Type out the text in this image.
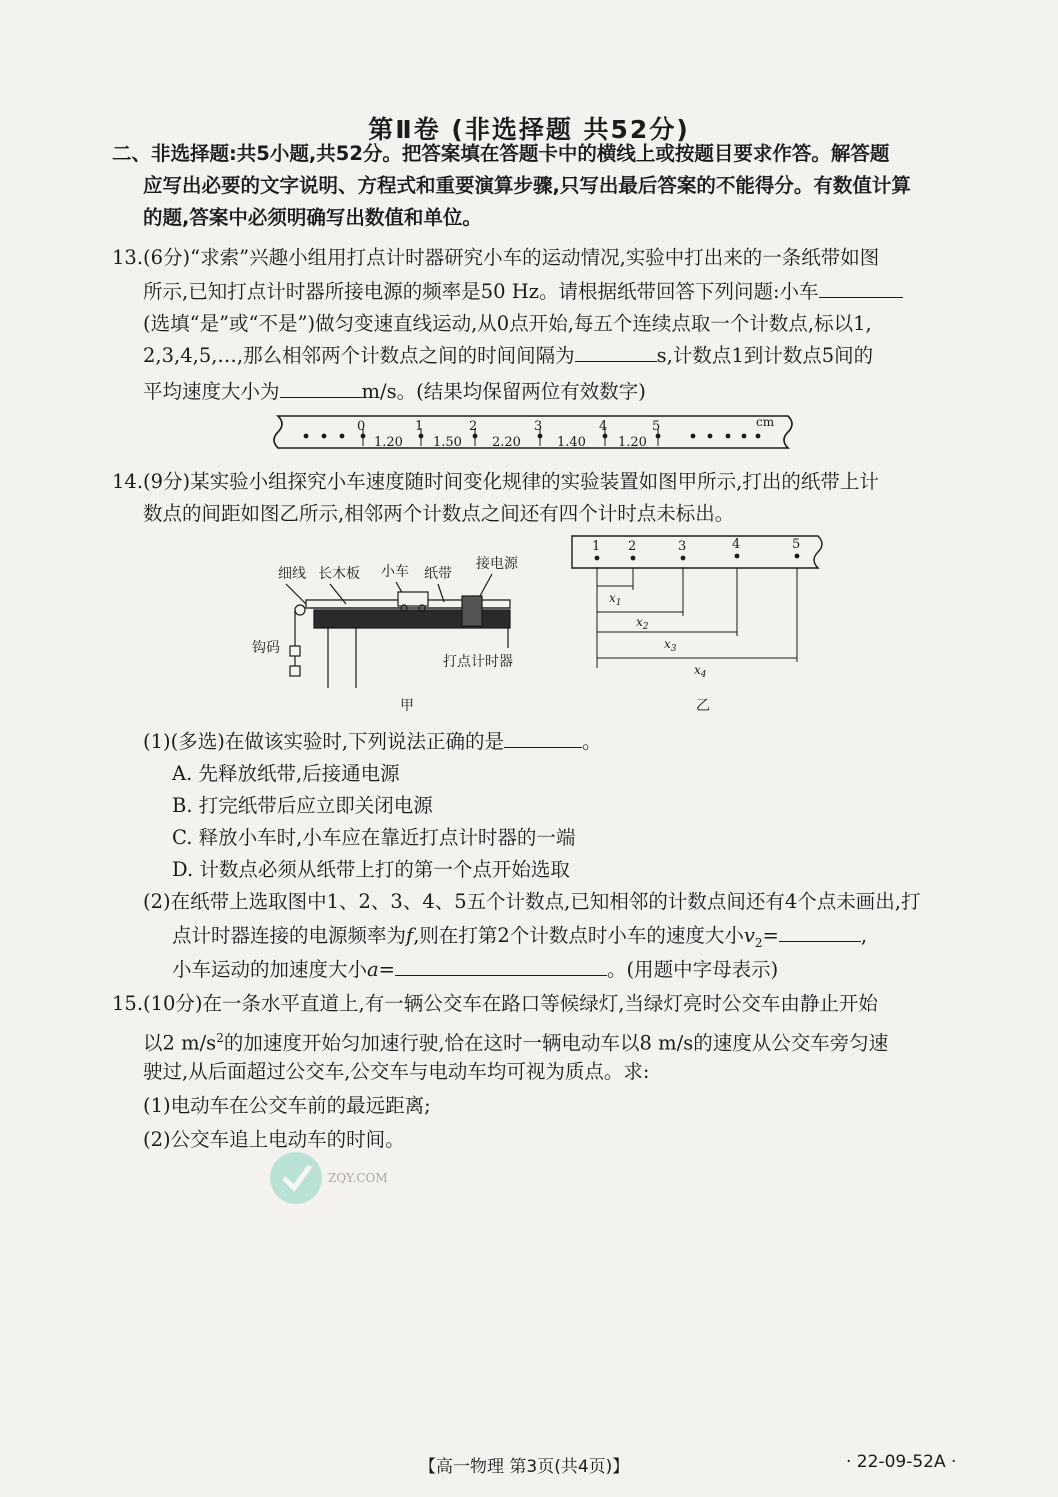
第Ⅱ卷 (非选择题 共52分)
二、非选择题:共5小题,共52分。把答案填在答题卡中的横线上或按题目要求作答。解答题
应写出必要的文字说明、方程式和重要演算步骤,只写出最后答案的不能得分。有数值计算
的题,答案中必须明确写出数值和单位。
13.(6分)“求索”兴趣小组用打点计时器研究小车的运动情况,实验中打出来的一条纸带如图
所示,已知打点计时器所接电源的频率是50 Hz。请根据纸带回答下列问题:小车
(选填“是”或“不是”)做匀变速直线运动,从0点开始,每五个连续点取一个计数点,标以1,
2,3,4,5,…,那么相邻两个计数点之间的时间间隔为	s,计数点1到计数点5间的
平均速度大小为	m/s。(结果均保留两位有效数字)
0	1	2	3	4	5
1.20 1.50 2.20	1.40 1.20
cm
14.(9分)某实验小组探究小车速度随时间变化规律的实验装置如图甲所示,打出的纸带上计
数点的间距如图乙所示,相邻两个计数点之间还有四个计时点未标出。
细线 长木板 小车 纸带
接电源
钩码
打点计时器
甲
1 2	3	4	5
$x_1$
$x_2$
$x_3$
$x_4$
乙
(1)(多选)在做该实验时,下列说法正确的是	。
A. 先释放纸带,后接通电源
B. 打完纸带后应立即关闭电源
C. 释放小车时,小车应在靠近打点计时器的一端
D. 计数点必须从纸带上打的第一个点开始选取
(2)在纸带上选取图中1、2、3、4、5五个计数点,已知相邻的计数点间还有4个点未画出,打
点计时器连接的电源频率为f,则在打第2个计数点时小车的速度大小$v_2=$	,
小车运动的加速度大小a=	。(用题中字母表示)
15.(10分)在一条水平直道上,有一辆公交车在路口等候绿灯,当绿灯亮时公交车由静止开始
以2 $m/s^2$的加速度开始匀加速行驶,恰在这时一辆电动车以8 m/s的速度从公交车旁匀速
驶过,从后面超过公交车,公交车与电动车均可视为质点。求:
(1)电动车在公交车前的最远距离;
(2)公交车追上电动车的时间。
ZQY.COM
【高一物理 第3页(共4页)】	· 22-09-52A ·
